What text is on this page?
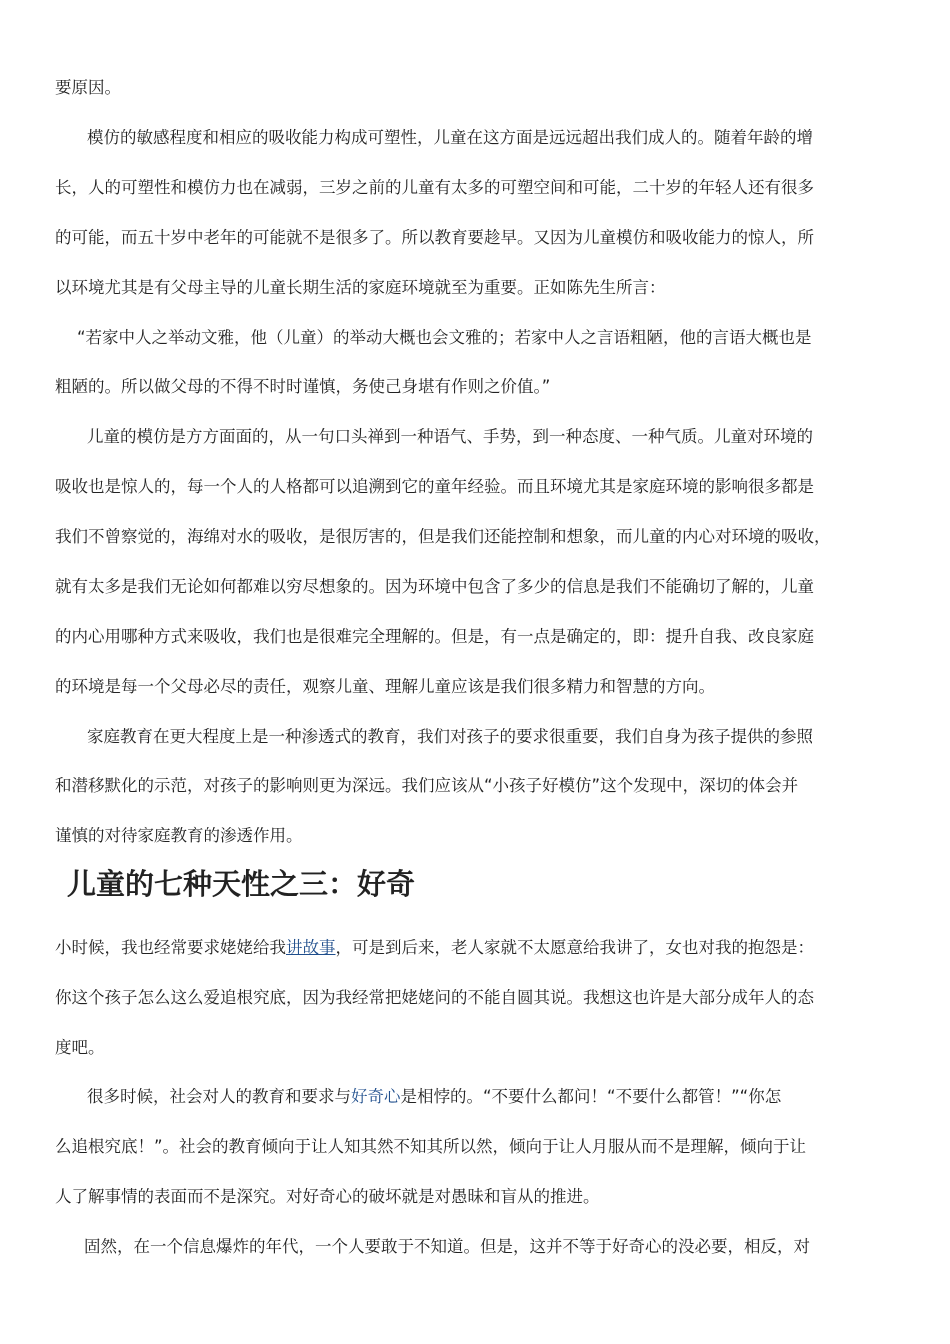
要原因。
模仿的敏感程度和相应的吸收能力构成可塑性，儿童在这方面是远远超出我们成人的。随着年龄的增
长，人的可塑性和模仿力也在减弱，三岁之前的儿童有太多的可塑空间和可能，二十岁的年轻人还有很多
的可能，而五十岁中老年的可能就不是很多了。所以教育要趁早。又因为儿童模仿和吸收能力的惊人，所
以环境尤其是有父母主导的儿童长期生活的家庭环境就至为重要。正如陈先生所言：
“若家中人之举动文雅，他（儿童）的举动大概也会文雅的；若家中人之言语粗陋，他的言语大概也是
粗陋的。所以做父母的不得不时时谨慎，务使己身堪有作则之价值。”
儿童的模仿是方方面面的，从一句口头禅到一种语气、手势，到一种态度、一种气质。儿童对环境的
吸收也是惊人的，每一个人的人格都可以追溯到它的童年经验。而且环境尤其是家庭环境的影响很多都是
我们不曾察觉的，海绵对水的吸收，是很厉害的，但是我们还能控制和想象，而儿童的内心对环境的吸收，
就有太多是我们无论如何都难以穷尽想象的。因为环境中包含了多少的信息是我们不能确切了解的，儿童
的内心用哪种方式来吸收，我们也是很难完全理解的。但是，有一点是确定的，即：提升自我、改良家庭
的环境是每一个父母必尽的责任，观察儿童、理解儿童应该是我们很多精力和智慧的方向。
家庭教育在更大程度上是一种渗透式的教育，我们对孩子的要求很重要，我们自身为孩子提供的参照
和潜移默化的示范，对孩子的影响则更为深远。我们应该从“小孩子好模仿”这个发现中，深切的体会并
谨慎的对待家庭教育的渗透作用。
儿童的七种天性之三：好奇
小时候，我也经常要求姥姥给我讲故事，可是到后来，老人家就不太愿意给我讲了，女也对我的抱怨是：
你这个孩子怎么这么爱追根究底，因为我经常把姥姥问的不能自圆其说。我想这也许是大部分成年人的态
度吧。
很多时候，社会对人的教育和要求与好奇心是相悖的。“不要什么都问！“不要什么都管！”“你怎
么追根究底！”。社会的教育倾向于让人知其然不知其所以然，倾向于让人月服从而不是理解，倾向于让
人了解事情的表面而不是深究。对好奇心的破坏就是对愚昧和盲从的推进。
固然，在一个信息爆炸的年代，一个人要敢于不知道。但是，这并不等于好奇心的没必要，相反，对
